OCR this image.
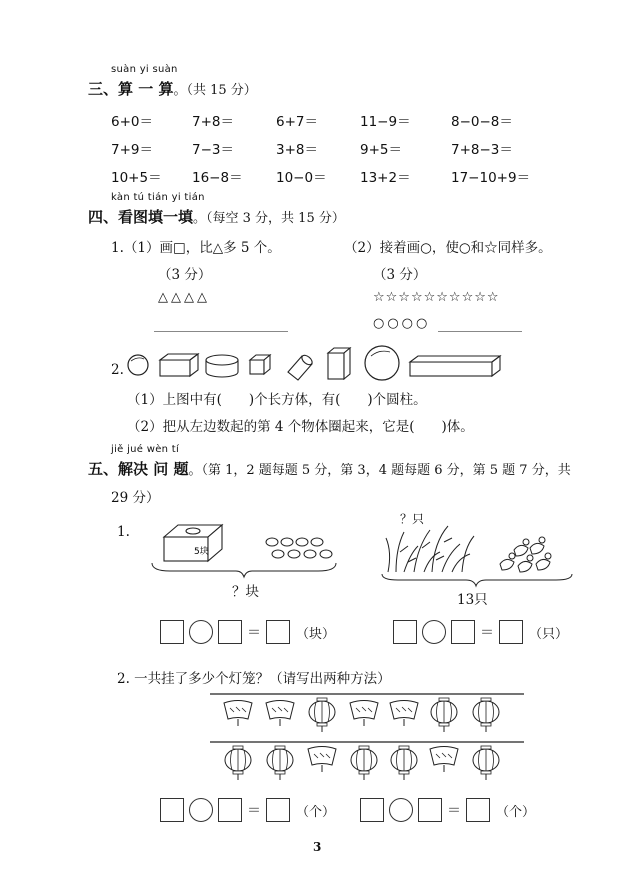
suàn yi suàn
三、算 一 算。（共 15 分）
6+0＝	7+8＝	6+7＝	11−9＝	8−0−8＝
7+9＝	7−3＝	3+8＝	9+5＝	7+8−3＝
10+5＝ 16−8＝ 10−0＝ 13+2＝	17−10+9＝
kàn tú tián yi tián
四、看图填一填。（每空 3 分，共 15 分）
1.（1）画□，比△多 5 个。	（2）接着画○，使○和☆同样多。
（3 分）	（3 分）
△△△△	☆☆☆☆☆☆☆☆☆☆
○○○○
2.
（1）上图中有(　　)个长方体，有(　　)个圆柱。
（2）把从左边数起的第 4 个物体圈起来，它是(　　)体。
jiě jué wèn tí
五、解决 问 题。（第 1，2 题每题 5 分，第 3，4 题每题 6 分，第 5 题 7 分，共
29 分）
1.
5块
？块
？只
13只
＝	（块）	＝	（只）
2. 一共挂了多少个灯笼？（请写出两种方法）
＝	（个）	＝	（个）
3
